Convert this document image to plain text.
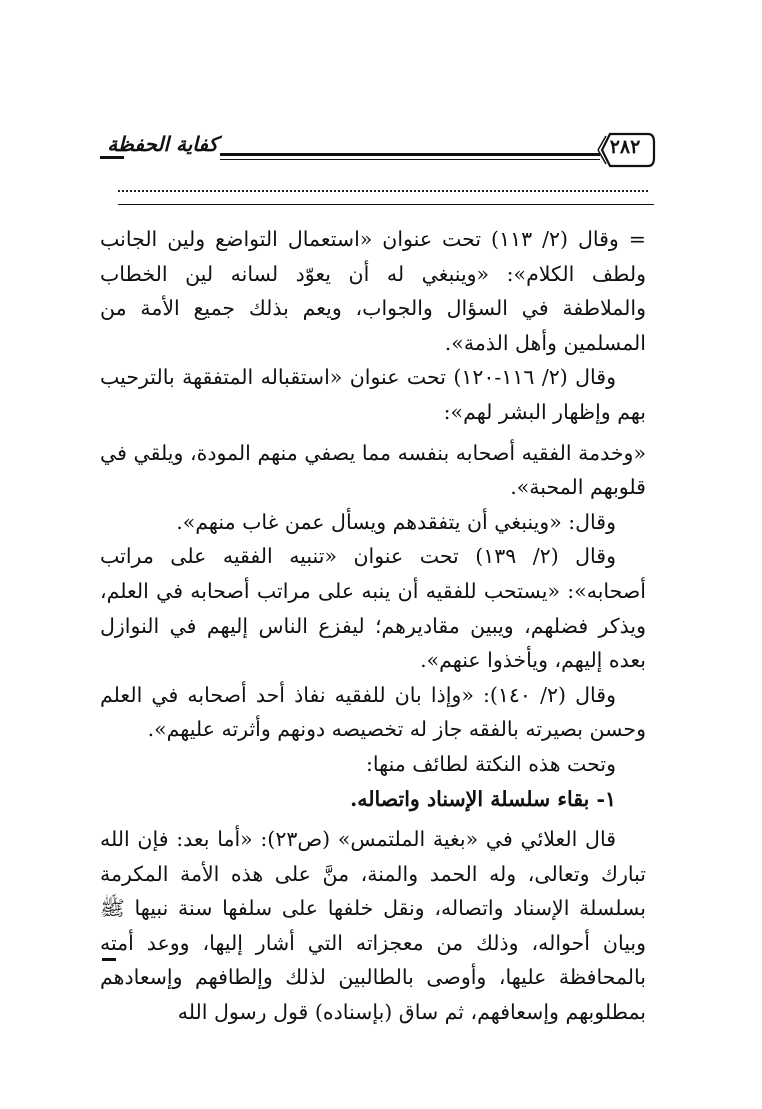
٢٨٢
كفاية الحفظة

= وقال (٢/ ١١٣) تحت عنوان «استعمال التواضع ولين الجانب ولطف الكلام»: «وينبغي له أن يعوّد لسانه لين الخطاب والملاطفة في السؤال والجواب، ويعم بذلك جميع الأمة من المسلمين وأهل الذمة».

وقال (٢/ ١١٦-١٢٠) تحت عنوان «استقباله المتفقهة بالترحيب بهم وإظهار البشر لهم»:

«وخدمة الفقيه أصحابه بنفسه مما يصفي منهم المودة، ويلقي في قلوبهم المحبة».

وقال: «وينبغي أن يتفقدهم ويسأل عمن غاب منهم».

وقال (٢/ ١٣٩) تحت عنوان «تنبيه الفقيه على مراتب أصحابه»: «يستحب للفقيه أن ينبه على مراتب أصحابه في العلم، ويذكر فضلهم، ويبين مقاديرهم؛ ليفزع الناس إليهم في النوازل بعده إليهم، ويأخذوا عنهم».

وقال (٢/ ١٤٠): «وإذا بان للفقيه نفاذ أحد أصحابه في العلم وحسن بصيرته بالفقه جاز له تخصيصه دونهم وأثرته عليهم».

وتحت هذه النكتة لطائف منها:

١- بقاء سلسلة الإسناد واتصاله.

قال العلائي في «بغية الملتمس» (ص٢٣): «أما بعد: فإن الله تبارك وتعالى، وله الحمد والمنة، منَّ على هذه الأمة المكرمة بسلسلة الإسناد واتصاله، ونقل خلفها على سلفها سنة نبيها ﷺ وبيان أحواله، وذلك من معجزاته التي أشار إليها، ووعد أمته بالمحافظة عليها، وأوصى بالطالبين لذلك وإلطافهم وإسعادهم بمطلوبهم وإسعافهم، ثم ساق (بإسناده) قول رسول الله
